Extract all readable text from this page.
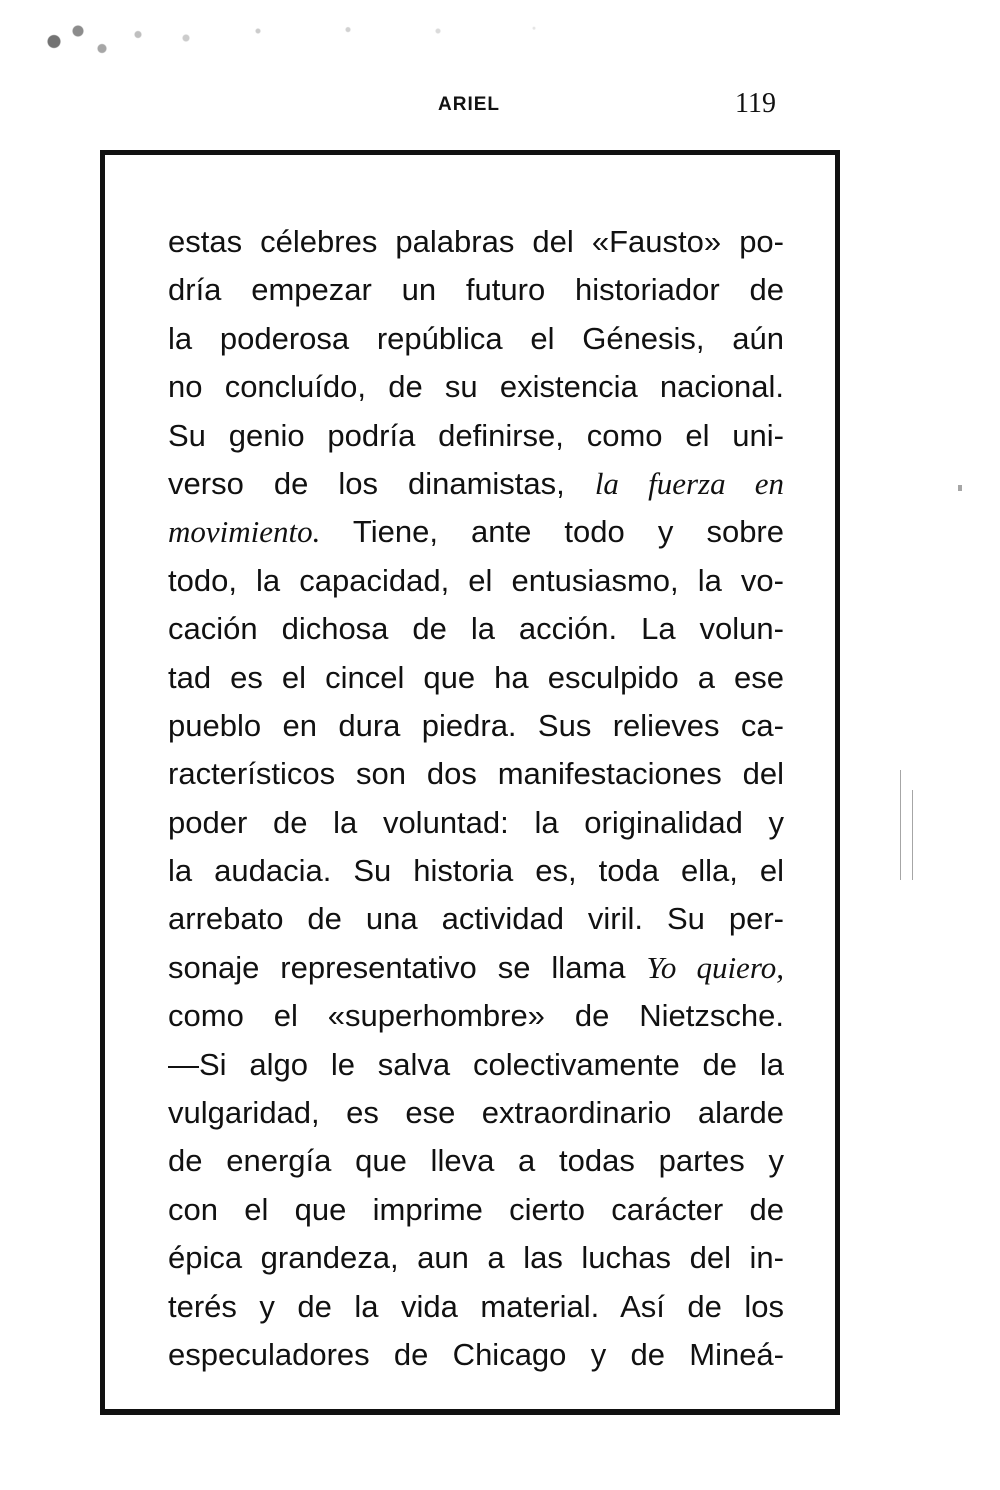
ARIEL	119
estas célebres palabras del «Fausto» po-
dría empezar un futuro historiador de
la poderosa república el Génesis, aún
no concluído, de su existencia nacional.
Su genio podría definirse, como el uni-
verso de los dinamistas, la fuerza en
movimiento. Tiene, ante todo y sobre
todo, la capacidad, el entusiasmo, la vo-
cación dichosa de la acción. La volun-
tad es el cincel que ha esculpido a ese
pueblo en dura piedra. Sus relieves ca-
racterísticos son dos manifestaciones del
poder de la voluntad: la originalidad y
la audacia. Su historia es, toda ella, el
arrebato de una actividad viril. Su per-
sonaje representativo se llama Yo quiero,
como el «superhombre» de Nietzsche.
—Si algo le salva colectivamente de la
vulgaridad, es ese extraordinario alarde
de energía que lleva a todas partes y
con el que imprime cierto carácter de
épica grandeza, aun a las luchas del in-
terés y de la vida material. Así de los
especuladores de Chicago y de Mineá-
